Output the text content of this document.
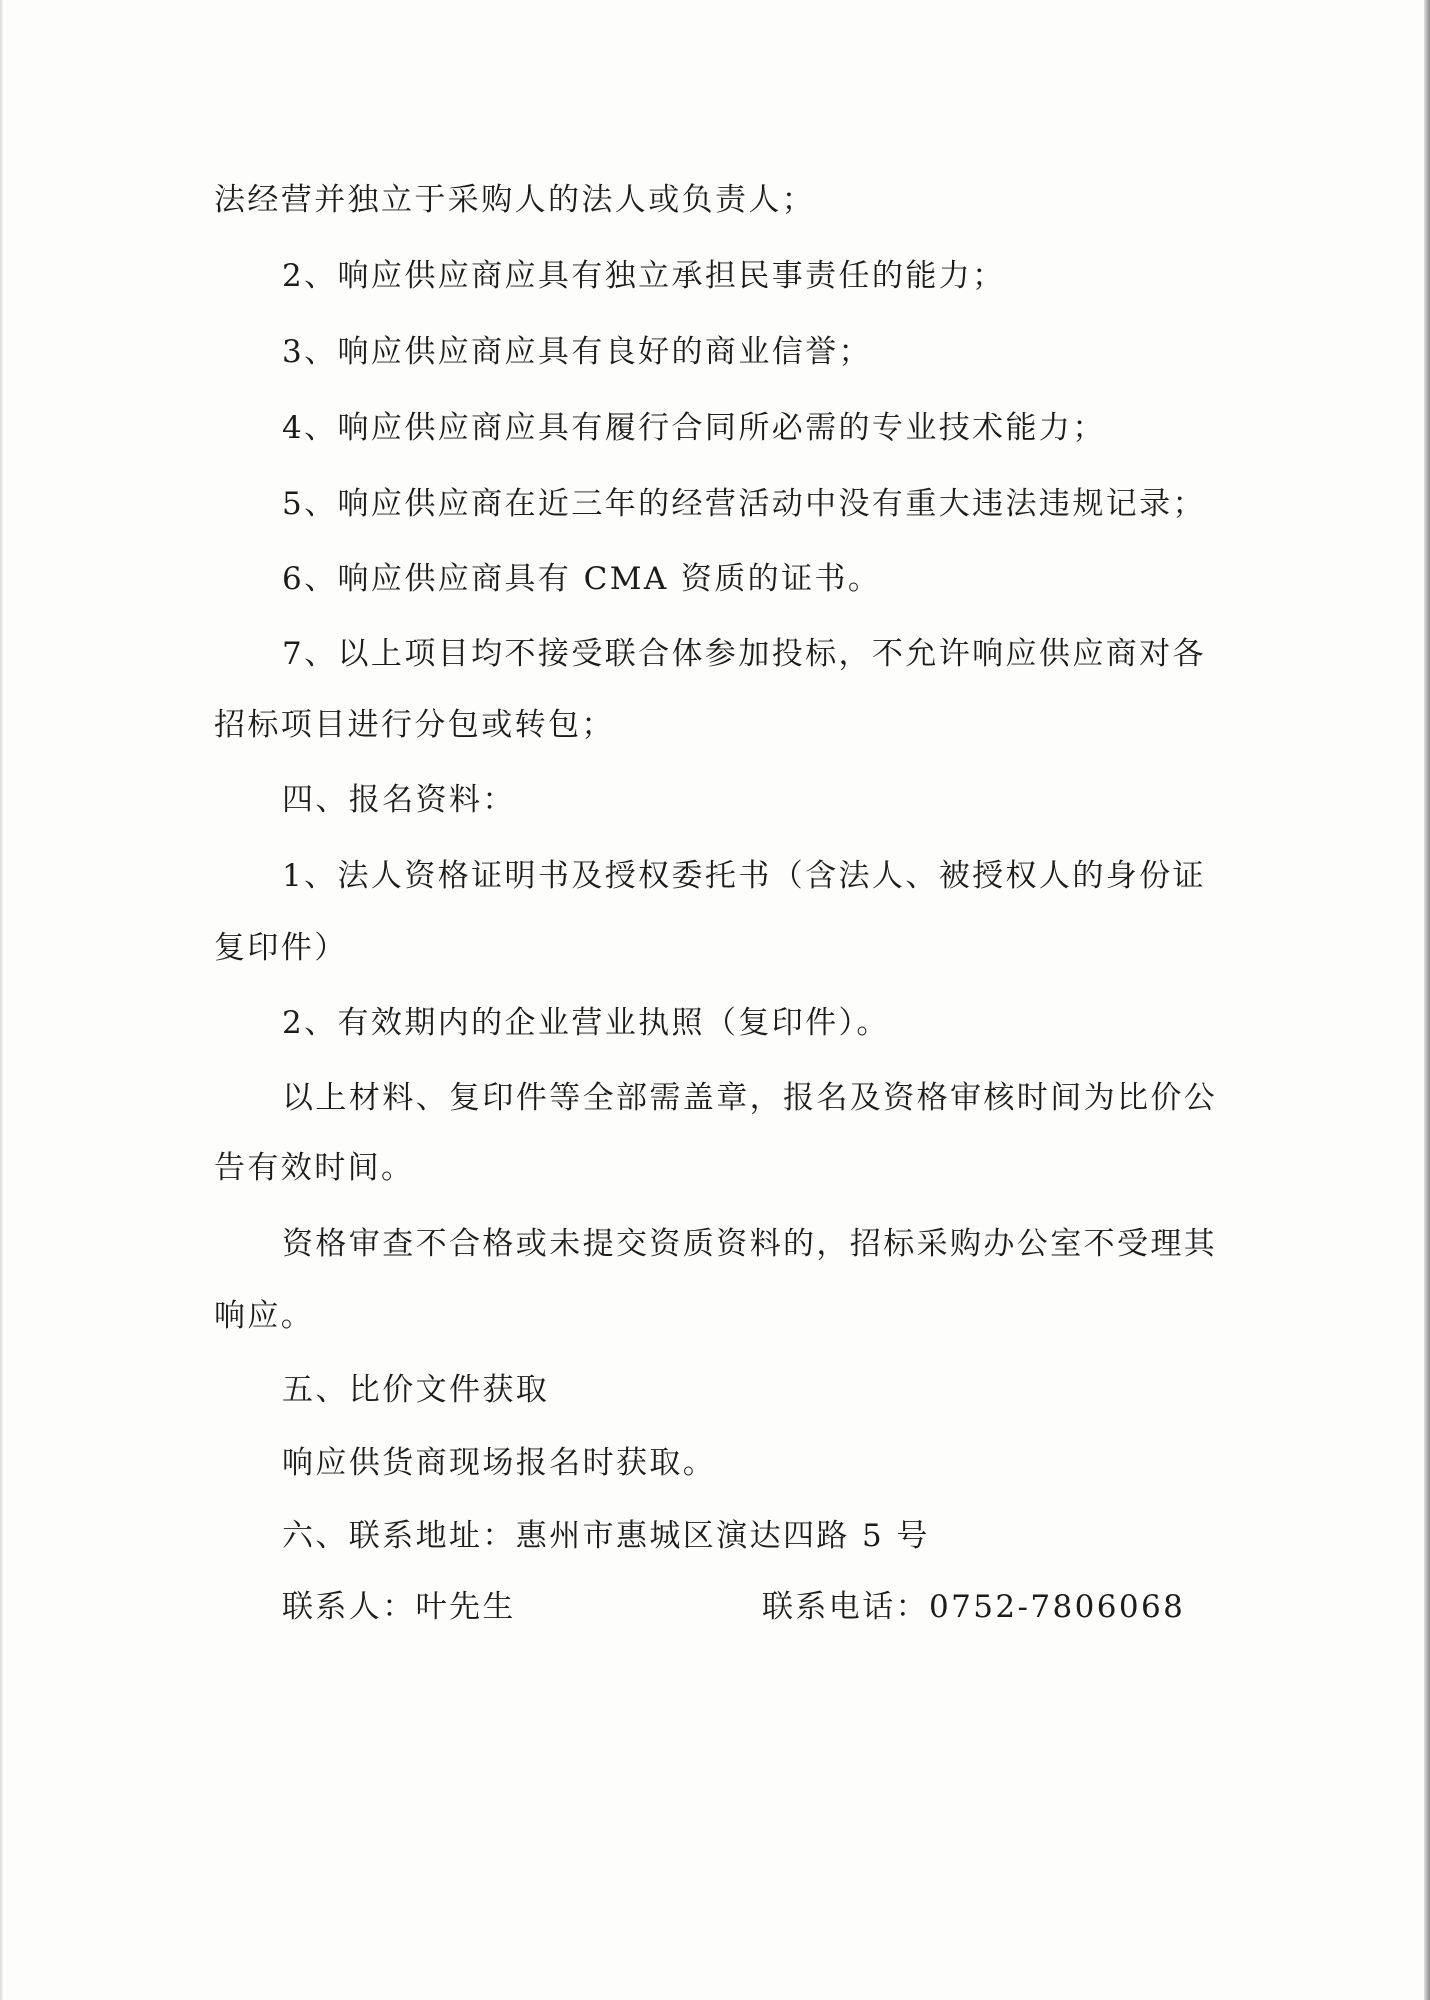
法经营并独立于采购人的法人或负责人；

2、响应供应商应具有独立承担民事责任的能力；

3、响应供应商应具有良好的商业信誉；

4、响应供应商应具有履行合同所必需的专业技术能力；

5、响应供应商在近三年的经营活动中没有重大违法违规记录；

6、响应供应商具有 CMA 资质的证书。

7、以上项目均不接受联合体参加投标，不允许响应供应商对各

招标项目进行分包或转包；

四、报名资料：

1、法人资格证明书及授权委托书（含法人、被授权人的身份证

复印件）

2、有效期内的企业营业执照（复印件）。

以上材料、复印件等全部需盖章，报名及资格审核时间为比价公

告有效时间。

资格审查不合格或未提交资质资料的，招标采购办公室不受理其

响应。

五、比价文件获取

响应供货商现场报名时获取。

六、联系地址：惠州市惠城区演达四路 5 号

联系人：叶先生	联系电话：0752-7806068
